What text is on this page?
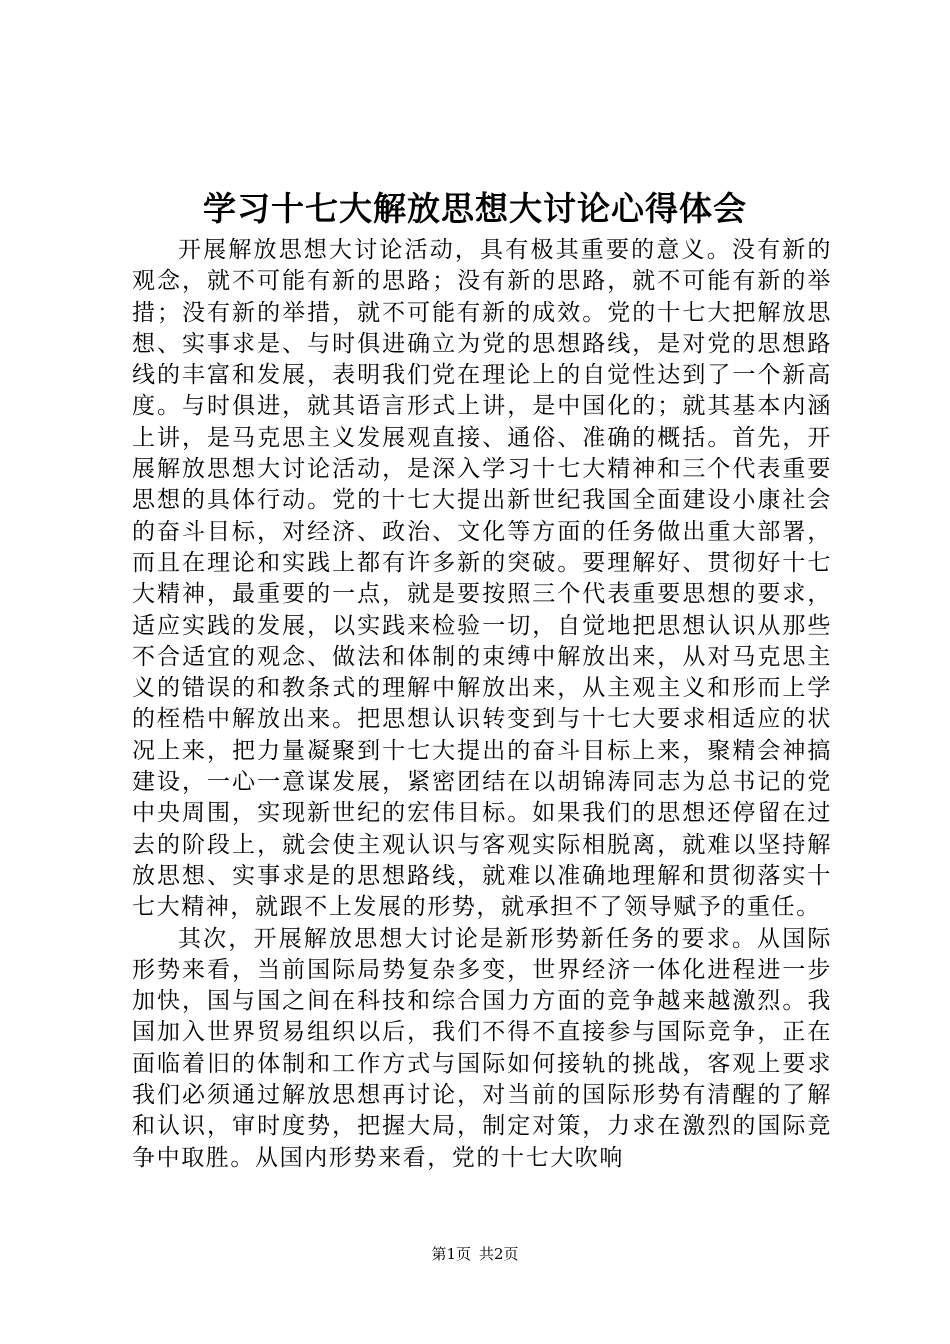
学习十七大解放思想大讨论心得体会

开展解放思想大讨论活动，具有极其重要的意义。没有新的观念，就不可能有新的思路；没有新的思路，就不可能有新的举措；没有新的举措，就不可能有新的成效。党的十七大把解放思想、实事求是、与时俱进确立为党的思想路线，是对党的思想路线的丰富和发展，表明我们党在理论上的自觉性达到了一个新高度。与时俱进，就其语言形式上讲，是中国化的；就其基本内涵上讲，是马克思主义发展观直接、通俗、准确的概括。首先，开展解放思想大讨论活动，是深入学习十七大精神和三个代表重要思想的具体行动。党的十七大提出新世纪我国全面建设小康社会的奋斗目标，对经济、政治、文化等方面的任务做出重大部署，而且在理论和实践上都有许多新的突破。要理解好、贯彻好十七大精神，最重要的一点，就是要按照三个代表重要思想的要求，适应实践的发展，以实践来检验一切，自觉地把思想认识从那些不合适宜的观念、做法和体制的束缚中解放出来，从对马克思主义的错误的和教条式的理解中解放出来，从主观主义和形而上学的桎梏中解放出来。把思想认识转变到与十七大要求相适应的状况上来，把力量凝聚到十七大提出的奋斗目标上来，聚精会神搞建设，一心一意谋发展，紧密团结在以胡锦涛同志为总书记的党中央周围，实现新世纪的宏伟目标。如果我们的思想还停留在过去的阶段上，就会使主观认识与客观实际相脱离，就难以坚持解放思想、实事求是的思想路线，就难以准确地理解和贯彻落实十七大精神，就跟不上发展的形势，就承担不了领导赋予的重任。

其次，开展解放思想大讨论是新形势新任务的要求。从国际形势来看，当前国际局势复杂多变，世界经济一体化进程进一步加快，国与国之间在科技和综合国力方面的竞争越来越激烈。我国加入世界贸易组织以后，我们不得不直接参与国际竞争，正在面临着旧的体制和工作方式与国际如何接轨的挑战，客观上要求我们必须通过解放思想再讨论，对当前的国际形势有清醒的了解和认识，审时度势，把握大局，制定对策，力求在激烈的国际竞争中取胜。从国内形势来看，党的十七大吹响

第1页 共2页
